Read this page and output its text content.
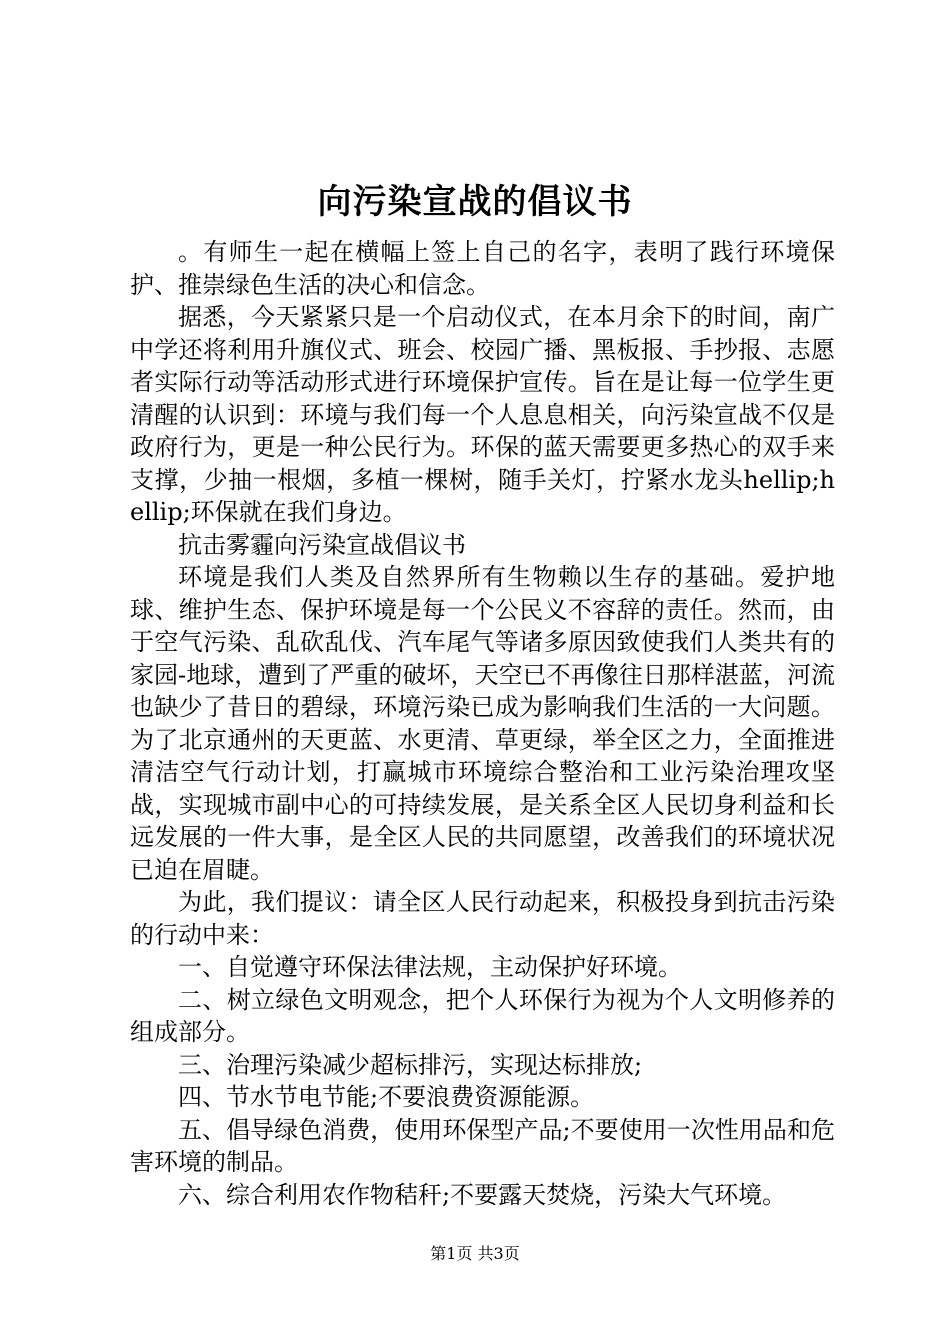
向污染宣战的倡议书

。有师生一起在横幅上签上自己的名字，表明了践行环境保护、推崇绿色生活的决心和信念。

据悉，今天紧紧只是一个启动仪式，在本月余下的时间，南广中学还将利用升旗仪式、班会、校园广播、黑板报、手抄报、志愿者实际行动等活动形式进行环境保护宣传。旨在是让每一位学生更清醒的认识到：环境与我们每一个人息息相关，向污染宣战不仅是政府行为，更是一种公民行为。环保的蓝天需要更多热心的双手来支撑，少抽一根烟，多植一棵树，随手关灯，拧紧水龙头hellip;hellip;环保就在我们身边。

抗击雾霾向污染宣战倡议书

环境是我们人类及自然界所有生物赖以生存的基础。爱护地球、维护生态、保护环境是每一个公民义不容辞的责任。然而，由于空气污染、乱砍乱伐、汽车尾气等诸多原因致使我们人类共有的家园-地球，遭到了严重的破坏，天空已不再像往日那样湛蓝，河流也缺少了昔日的碧绿，环境污染已成为影响我们生活的一大问题。为了北京通州的天更蓝、水更清、草更绿，举全区之力，全面推进清洁空气行动计划，打赢城市环境综合整治和工业污染治理攻坚战，实现城市副中心的可持续发展，是关系全区人民切身利益和长远发展的一件大事，是全区人民的共同愿望，改善我们的环境状况已迫在眉睫。

为此，我们提议：请全区人民行动起来，积极投身到抗击污染的行动中来：

一、自觉遵守环保法律法规，主动保护好环境。

二、树立绿色文明观念，把个人环保行为视为个人文明修养的组成部分。

三、治理污染减少超标排污，实现达标排放;

四、节水节电节能;不要浪费资源能源。

五、倡导绿色消费，使用环保型产品;不要使用一次性用品和危害环境的制品。

六、综合利用农作物秸秆;不要露天焚烧，污染大气环境。

第1页 共3页
